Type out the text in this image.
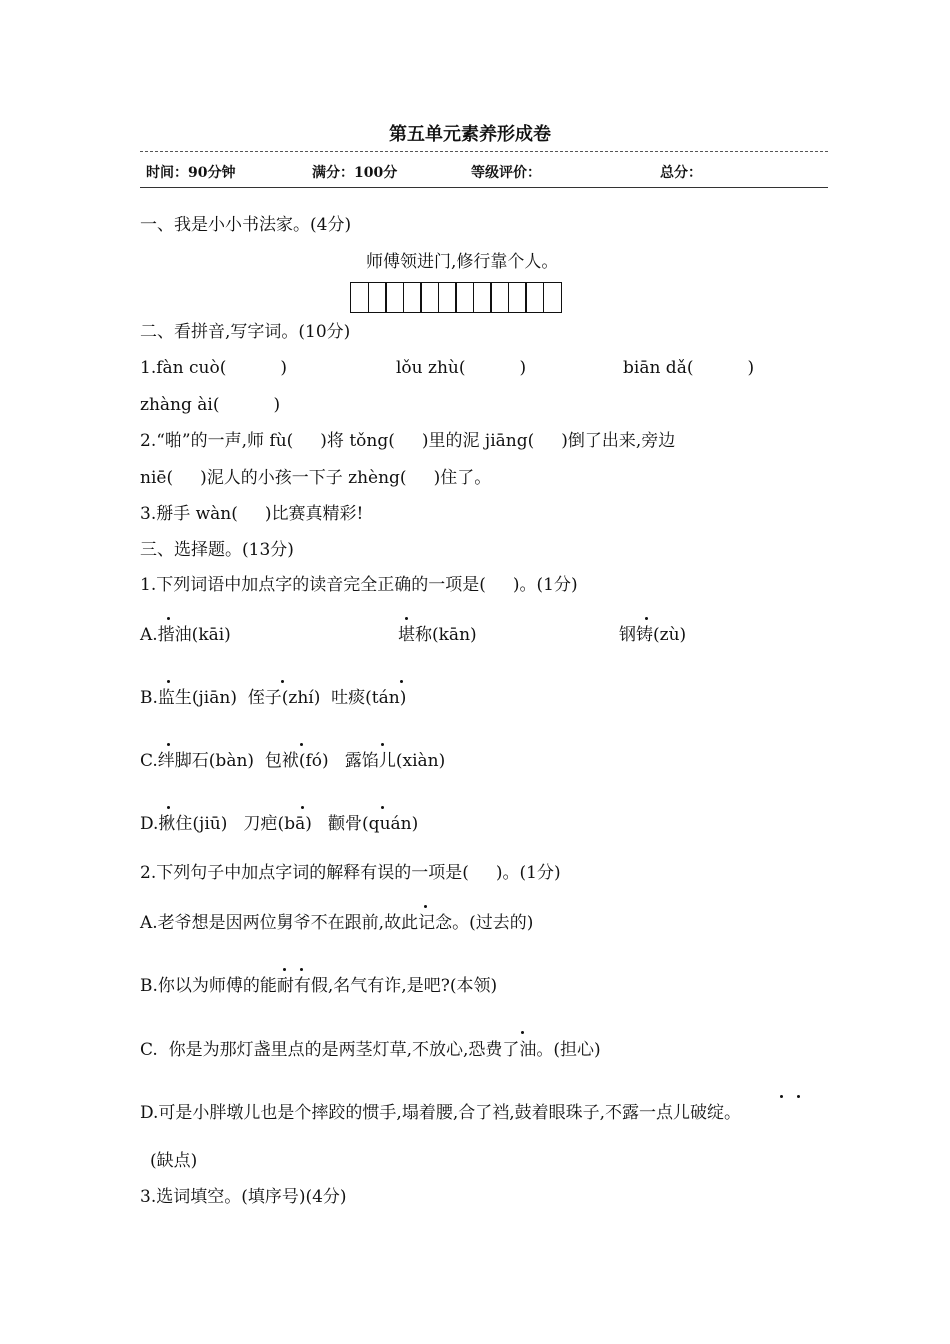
第五单元素养形成卷
时间：90分钟	满分：100分	等级评价：	总分：
一、我是小小书法家。(4分)
师傅领进门,修行靠个人。
二、看拼音,写字词。(10分)
1.fàn cuò(          )	lǒu zhù(          )	biān dǎ(          )
zhàng ài(          )
2.“啪”的一声,师 fù(     )将 tǒng(     )里的泥 jiāng(     )倒了出来,旁边
niē(     )泥人的小孩一下子 zhèng(     )住了。
3.掰手 wàn(     )比赛真精彩!
三、选择题。(13分)
1.下列词语中加点字的读音完全正确的一项是(     )。(1分)
A.揩油(kāi)	堪称(kān)	钢铸(zù)
B.监生(jiān)  侄子(zhí)  吐痰(tán)
C.绊脚石(bàn)  包袱(fó)   露馅儿(xiàn)
D.揪住(jiū)   刀疤(bā)   颧骨(quán)
2.下列句子中加点字词的解释有误的一项是(     )。(1分)
A.老爷想是因两位舅爷不在跟前,故此记念。(过去的)
B.你以为师傅的能耐有假,名气有诈,是吧?(本领)
C.  你是为那灯盏里点的是两茎灯草,不放心,恐费了油。(担心)
D.可是小胖墩儿也是个摔跤的惯手,塌着腰,合了裆,鼓着眼珠子,不露一点儿破绽。
(缺点)
3.选词填空。(填序号)(4分)
